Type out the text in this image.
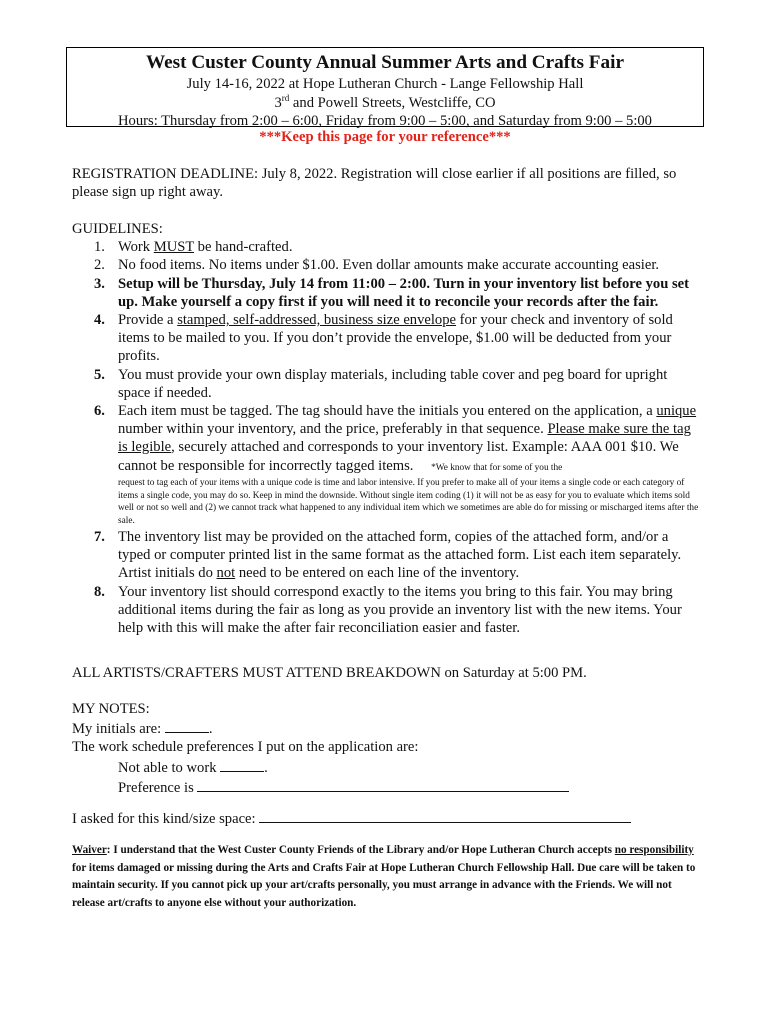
West Custer County Annual Summer Arts and Crafts Fair
July 14-16, 2022 at Hope Lutheran Church - Lange Fellowship Hall
3rd and Powell Streets, Westcliffe, CO
Hours: Thursday from 2:00 – 6:00, Friday from 9:00 – 5:00, and Saturday from 9:00 – 5:00
***Keep this page for your reference***

REGISTRATION DEADLINE: July 8, 2022. Registration will close earlier if all positions are filled, so please sign up right away.

GUIDELINES:

1. Work MUST be hand-crafted.
2. No food items. No items under $1.00. Even dollar amounts make accurate accounting easier.
3. Setup will be Thursday, July 14 from 11:00 – 2:00. Turn in your inventory list before you set up. Make yourself a copy first if you will need it to reconcile your records after the fair.
4. Provide a stamped, self-addressed, business size envelope for your check and inventory of sold items to be mailed to you. If you don’t provide the envelope, $1.00 will be deducted from your profits.
5. You must provide your own display materials, including table cover and peg board for upright space if needed.
6. Each item must be tagged. The tag should have the initials you entered on the application, a unique number within your inventory, and the price, preferably in that sequence. Please make sure the tag is legible, securely attached and corresponds to your inventory list. Example: AAA 001 $10. We cannot be responsible for incorrectly tagged items. *We know that for some of you the
request to tag each of your items with a unique code is time and labor intensive. If you prefer to make all of your items a single code or each category of items a single code, you may do so. Keep in mind the downside. Without single item coding (1) it will not be as easy for you to evaluate which items sold well or not so well and (2) we cannot track what happened to any individual item which we sometimes are able do for missing or mischarged items after the sale.
7. The inventory list may be provided on the attached form, copies of the attached form, and/or a typed or computer printed list in the same format as the attached form. List each item separately. Artist initials do not need to be entered on each line of the inventory.
8. Your inventory list should correspond exactly to the items you bring to this fair. You may bring additional items during the fair as long as you provide an inventory list with the new items. Your help with this will make the after fair reconciliation easier and faster.

ALL ARTISTS/CRAFTERS MUST ATTEND BREAKDOWN on Saturday at 5:00 PM.

MY NOTES:

My initials are:	.

The work schedule preferences I put on the application are:

Not able to work	.

Preference is

I asked for this kind/size space:

Waiver: I understand that the West Custer County Friends of the Library and/or Hope Lutheran Church accepts no responsibility for items damaged or missing during the Arts and Crafts Fair at Hope Lutheran Church Fellowship Hall. Due care will be taken to maintain security. If you cannot pick up your art/crafts personally, you must arrange in advance with the Friends. We will not release art/crafts to anyone else without your authorization.
